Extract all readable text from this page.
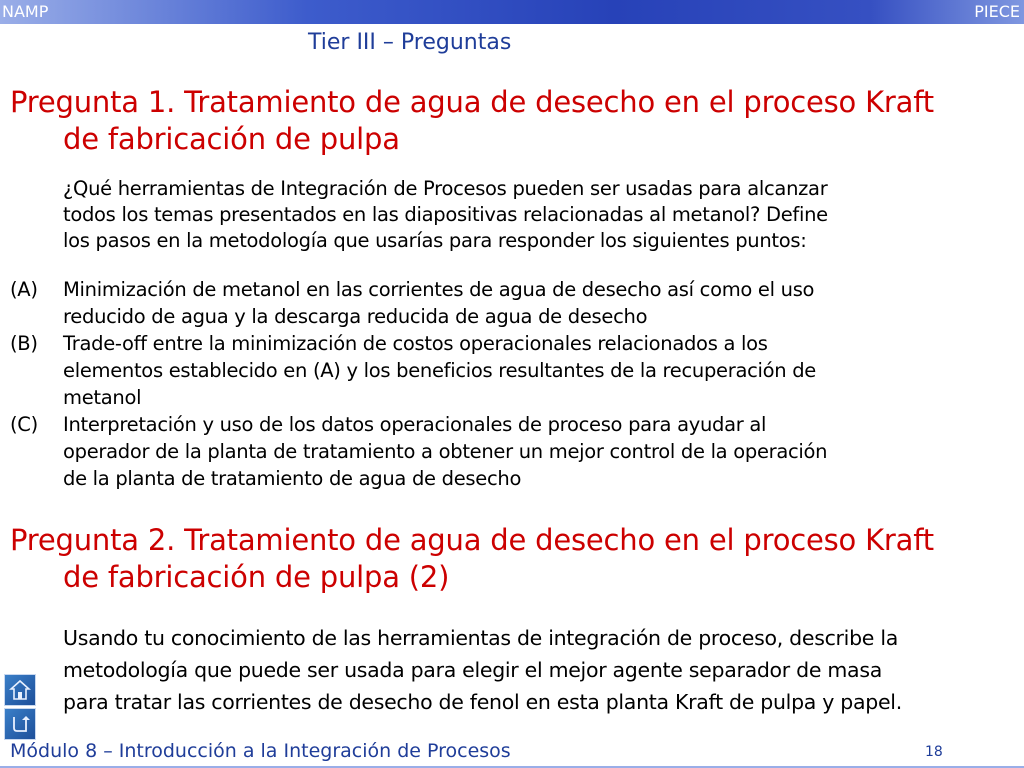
NAMP	PIECE
Tier III – Preguntas
Pregunta 1. Tratamiento de agua de desecho en el proceso Kraft
de fabricación de pulpa
¿Qué herramientas de Integración de Procesos pueden ser usadas para alcanzar
todos los temas presentados en las diapositivas relacionadas al metanol? Define
los pasos en la metodología que usarías para responder los siguientes puntos:
(A) Minimización de metanol en las corrientes de agua de desecho así como el uso
reducido de agua y la descarga reducida de agua de desecho
(B) Trade-off entre la minimización de costos operacionales relacionados a los
elementos establecido en (A) y los beneficios resultantes de la recuperación de
metanol
(C) Interpretación y uso de los datos operacionales de proceso para ayudar al
operador de la planta de tratamiento a obtener un mejor control de la operación
de la planta de tratamiento de agua de desecho
Pregunta 2. Tratamiento de agua de desecho en el proceso Kraft
de fabricación de pulpa (2)
Usando tu conocimiento de las herramientas de integración de proceso, describe la
metodología que puede ser usada para elegir el mejor agente separador de masa
para tratar las corrientes de desecho de fenol en esta planta Kraft de pulpa y papel.
Módulo 8 – Introducción a la Integración de Procesos	18
